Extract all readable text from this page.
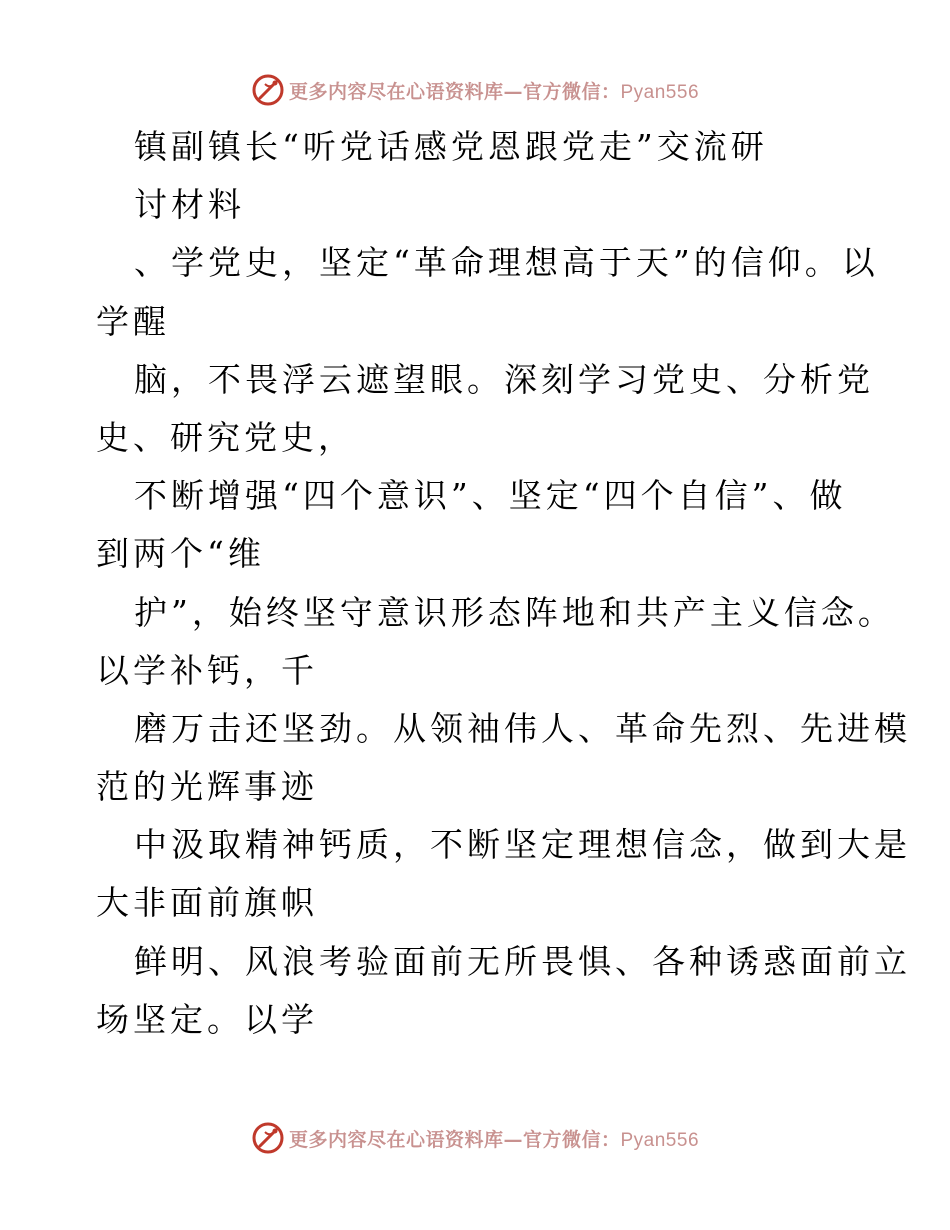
更多内容尽在心语资料库—官方微信：Pyan556
镇副镇长“听党话感党恩跟党走”交流研
讨材料
、学党史，坚定“革命理想高于天”的信仰。以
学醒
脑，不畏浮云遮望眼。深刻学习党史、分析党
史、研究党史，
不断增强“四个意识”、坚定“四个自信”、做
到两个“维
护”，始终坚守意识形态阵地和共产主义信念。
以学补钙，千
磨万击还坚劲。从领袖伟人、革命先烈、先进模
范的光辉事迹
中汲取精神钙质，不断坚定理想信念，做到大是
大非面前旗帜
鲜明、风浪考验面前无所畏惧、各种诱惑面前立
场坚定。以学
更多内容尽在心语资料库—官方微信：Pyan556
